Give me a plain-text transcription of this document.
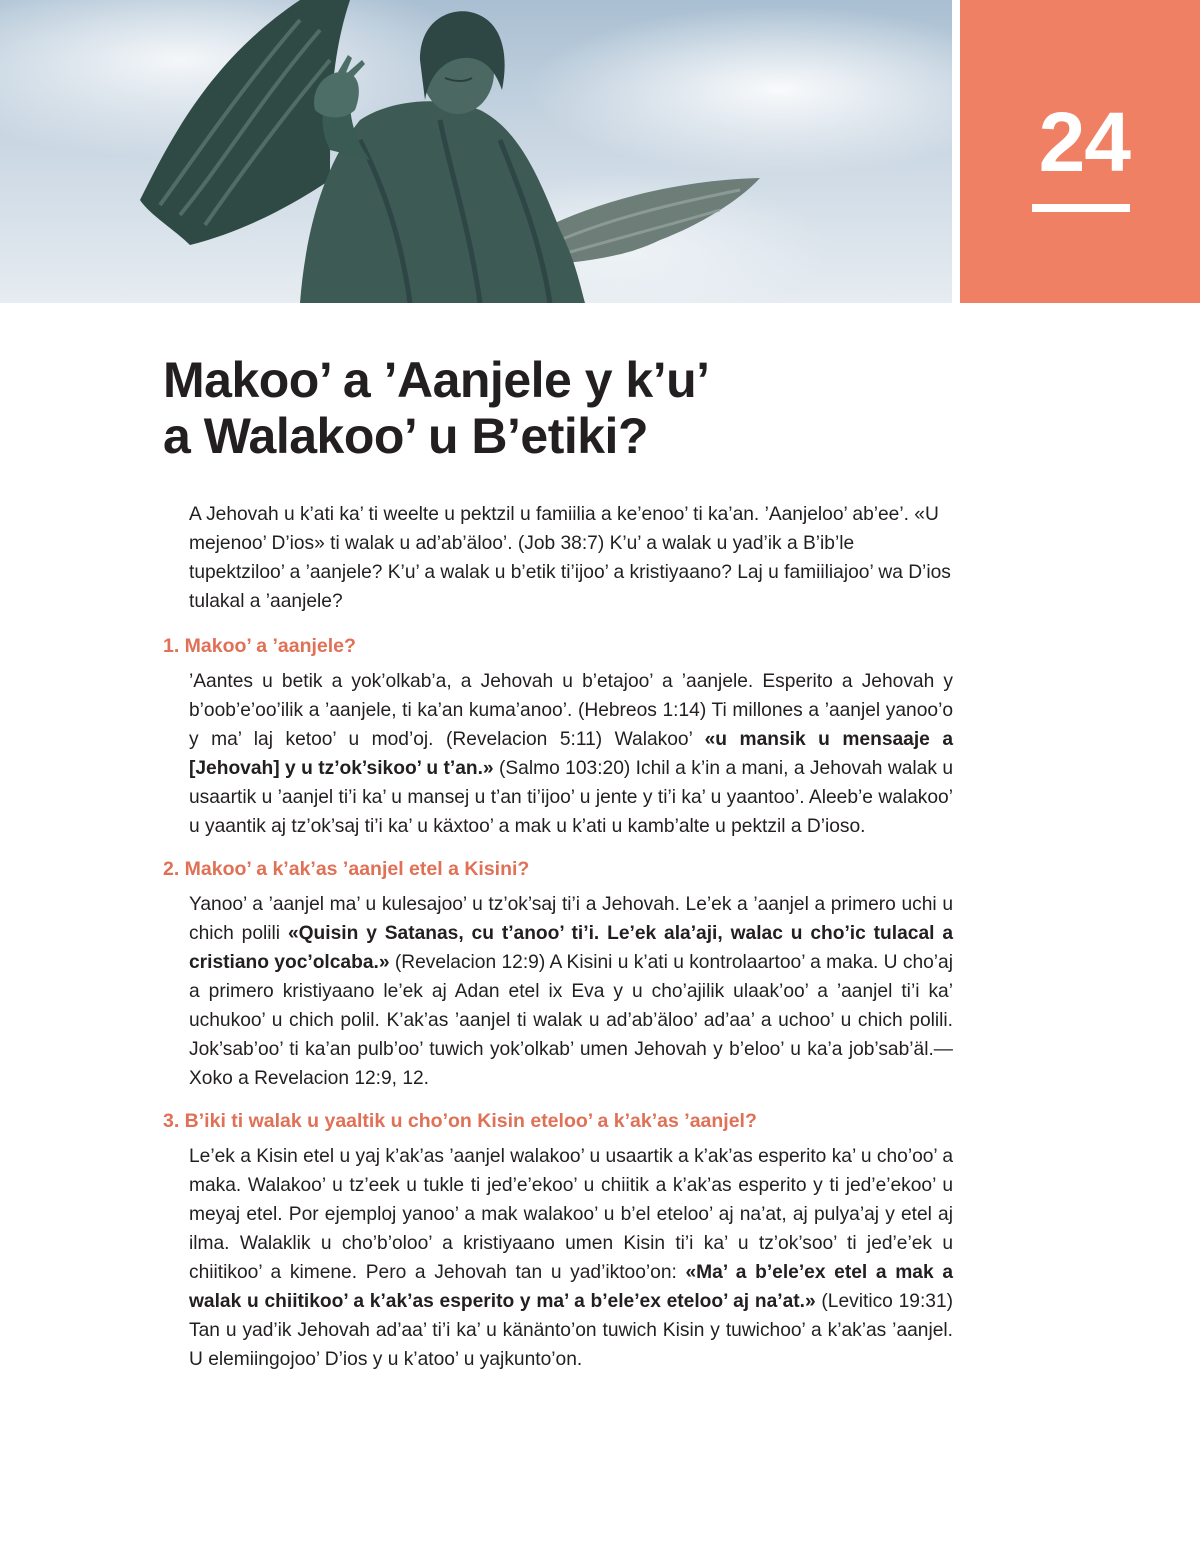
24
Makoo’ a ’Aanjele y k’u’
a Walakoo’ u B’etiki?

A Jehovah u k’ati ka’ ti weelte u pektzil u famiilia a ke’enoo’ ti ka’an. ’Aanjeloo’ ab’ee’. «U mejenoo’ D’ios» ti walak u ad’ab’äloo’. (Job 38:7) K’u’ a walak u yad’ik a B’ib’le tupektziloo’ a ’aanjele? K’u’ a walak u b’etik ti’ijoo’ a kristiyaano? Laj u famiiliajoo’ wa D’ios tulakal a ’aanjele?

1. Makoo’ a ’aanjele?

’Aantes u betik a yok’olkab’a, a Jehovah u b’etajoo’ a ’aanjele. Esperito a Jehovah y b’oob’e’oo’ilik a ’aanjele, ti ka’an kuma’anoo’. (Hebreos 1:14) Ti millones a ’aanjel yanoo’o y ma’ laj ketoo’ u mod’oj. (Revelacion 5:11) Walakoo’ «u mansik u mensaaje a [Jehovah] y u tz’ok’sikoo’ u t’an.» (Salmo 103:20) Ichil a k’in a mani, a Jehovah walak u usaartik u ’aanjel ti’i ka’ u mansej u t’an ti’ijoo’ u jente y ti’i ka’ u yaantoo’. Aleeb’e walakoo’ u yaantik aj tz’ok’saj ti’i ka’ u käxtoo’ a mak u k’ati u kamb’alte u pektzil a D’ioso.

2. Makoo’ a k’ak’as ’aanjel etel a Kisini?

Yanoo’ a ’aanjel ma’ u kulesajoo’ u tz’ok’saj ti’i a Jehovah. Le’ek a ’aanjel a primero uchi u chich polili «Quisin y Satanas, cu t’anoo’ ti’i. Le’ek ala’aji, walac u cho’ic tulacal a cristiano yoc’olcaba.» (Revelacion 12:9) A Kisini u k’ati u kontrolaartoo’ a maka. U cho’aj a primero kristiyaano le’ek aj Adan etel ix Eva y u cho’ajilik ulaak’oo’ a ’aanjel ti’i ka’ uchukoo’ u chich polil. K’ak’as ’aanjel ti walak u ad’ab’äloo’ ad’aa’ a uchoo’ u chich polili. Jok’sab’oo’ ti ka’an pulb’oo’ tuwich yok’olkab’ umen Jehovah y b’eloo’ u ka’a job’sab’äl.—Xoko a Revelacion 12:9, 12.

3. B’iki ti walak u yaaltik u cho’on Kisin eteloo’ a k’ak’as ’aanjel?

Le’ek a Kisin etel u yaj k’ak’as ’aanjel walakoo’ u usaartik a k’ak’as esperito ka’ u cho’oo’ a maka. Walakoo’ u tz’eek u tukle ti jed’e’ekoo’ u chiitik a k’ak’as esperito y ti jed’e’ekoo’ u meyaj etel. Por ejemploj yanoo’ a mak walakoo’ u b’el eteloo’ aj na’at, aj pulya’aj y etel aj ilma. Walaklik u cho’b’oloo’ a kristiyaano umen Kisin ti’i ka’ u tz’ok’soo’ ti jed’e’ek u chiitikoo’ a kimene. Pero a Jehovah tan u yad’iktoo’on: «Ma’ a b’ele’ex etel a mak a walak u chiitikoo’ a k’ak’as esperito y ma’ a b’ele’ex eteloo’ aj na’at.» (Levitico 19:31) Tan u yad’ik Jehovah ad’aa’ ti’i ka’ u känänto’on tuwich Kisin y tuwichoo’ a k’ak’as ’aanjel. U elemiingojoo’ D’ios y u k’atoo’ u yajkunto’on.
